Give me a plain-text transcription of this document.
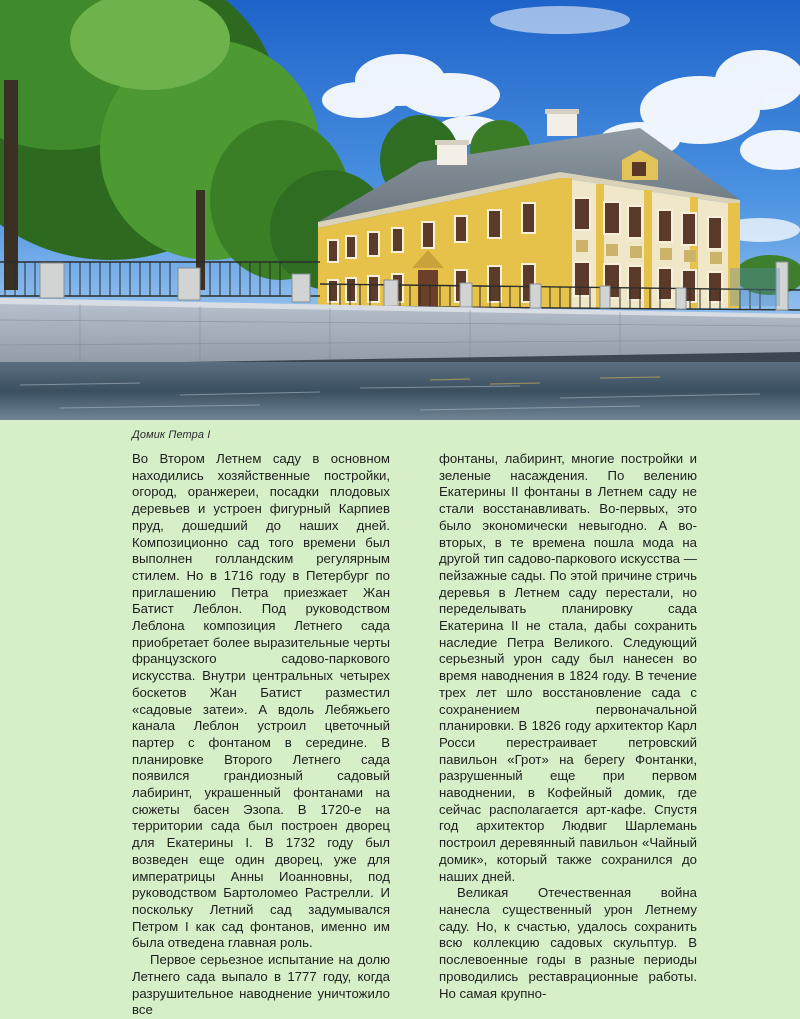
Домик Петра I

Во Втором Летнем саду в основном находились хозяйственные постройки, огород, оранжереи, посадки плодовых деревьев и устроен фигурный Карпиев пруд, дошедший до наших дней. Композиционно сад того времени был выполнен голландским регулярным стилем. Но в 1716 году в Петербург по приглашению Петра приезжает Жан Батист Леблон. Под руководством Леблона композиция Летнего сада приобретает более выразительные черты французского садово-паркового искусства. Внутри центральных четырех боскетов Жан Батист разместил «садовые затеи». А вдоль Лебяжьего канала Леблон устроил цветочный партер с фонтаном в середине. В планировке Второго Летнего сада появился грандиозный садовый лабиринт, украшенный фонтанами на сюжеты басен Эзопа. В 1720-е на территории сада был построен дворец для Екатерины I. В 1732 году был возведен еще один дворец, уже для императрицы Анны Иоанновны, под руководством Бартоломео Растрелли. И поскольку Летний сад задумывался Петром I как сад фонтанов, именно им была отведена главная роль.

Первое серьезное испытание на долю Летнего сада выпало в 1777 году, когда разрушительное наводнение уничтожило все

фонтаны, лабиринт, многие постройки и зеленые насаждения. По велению Екатерины II фонтаны в Летнем саду не стали восстанавливать. Во-первых, это было экономически невыгодно. А во-вторых, в те времена пошла мода на другой тип садово-паркового искусства — пейзажные сады. По этой причине стричь деревья в Летнем саду перестали, но переделывать планировку сада Екатерина II не стала, дабы сохранить наследие Петра Великого. Следующий серьезный урон саду был нанесен во время наводнения в 1824 году. В течение трех лет шло восстановление сада с сохранением первоначальной планировки. В 1826 году архитектор Карл Росси перестраивает петровский павильон «Грот» на берегу Фонтанки, разрушенный еще при первом наводнении, в Кофейный домик, где сейчас располагается арт-кафе. Спустя год архитектор Людвиг Шарлемань построил деревянный павильон «Чайный домик», который также сохранился до наших дней.

Великая Отечественная война нанесла существенный урон Летнему саду. Но, к счастью, удалось сохранить всю коллекцию садовых скульптур. В послевоенные годы в разные периоды проводились реставрационные работы. Но самая крупно-
